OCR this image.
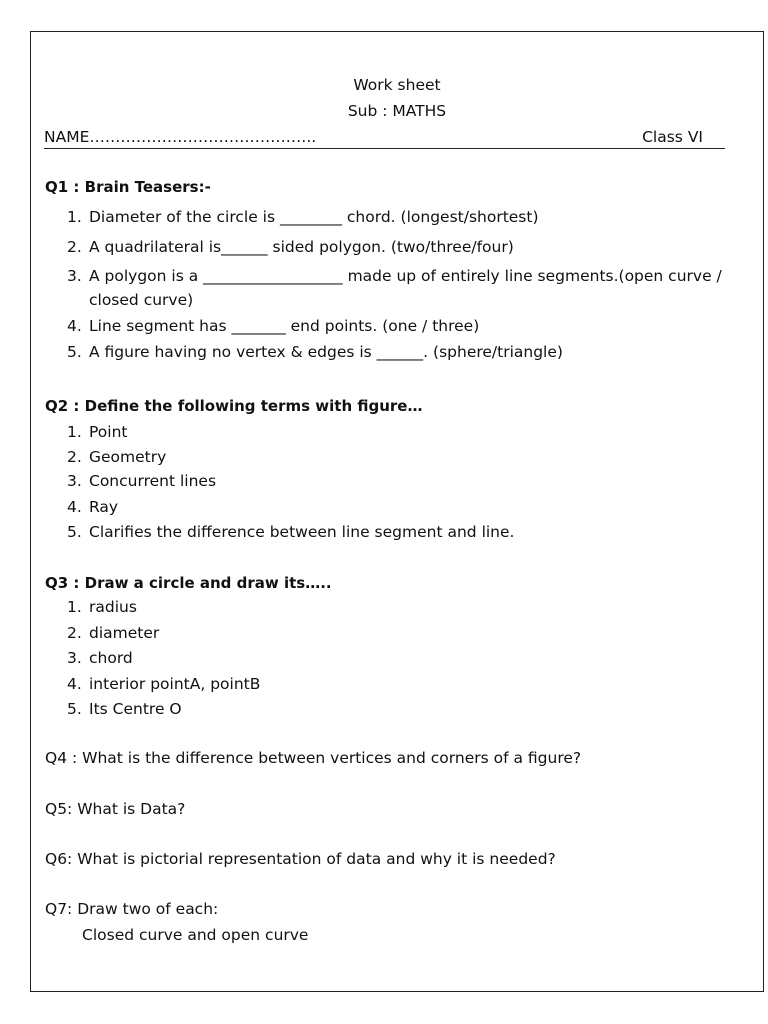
Work sheet
Sub : MATHS
NAME……………………………………..	Class VI
Q1 : Brain Teasers:-
1. Diameter of the circle is ________ chord. (longest/shortest)
2. A quadrilateral is______ sided polygon. (two/three/four)
3. A polygon is a __________________ made up of entirely line segments.(open curve / closed curve)
4. Line segment has _______ end points. (one / three)
5. A figure having no vertex & edges is ______. (sphere/triangle)
Q2 : Define the following terms with figure…
1. Point
2. Geometry
3. Concurrent lines
4. Ray
5. Clarifies the difference between line segment and line.
Q3 : Draw a circle and draw its…..
1. radius
2. diameter
3. chord
4. interior pointA, pointB
5. Its Centre O
Q4 : What is the difference between vertices and corners of a figure?
Q5: What is Data?
Q6: What is pictorial representation of data and why it is needed?
Q7: Draw two of each:
Closed curve and open curve
